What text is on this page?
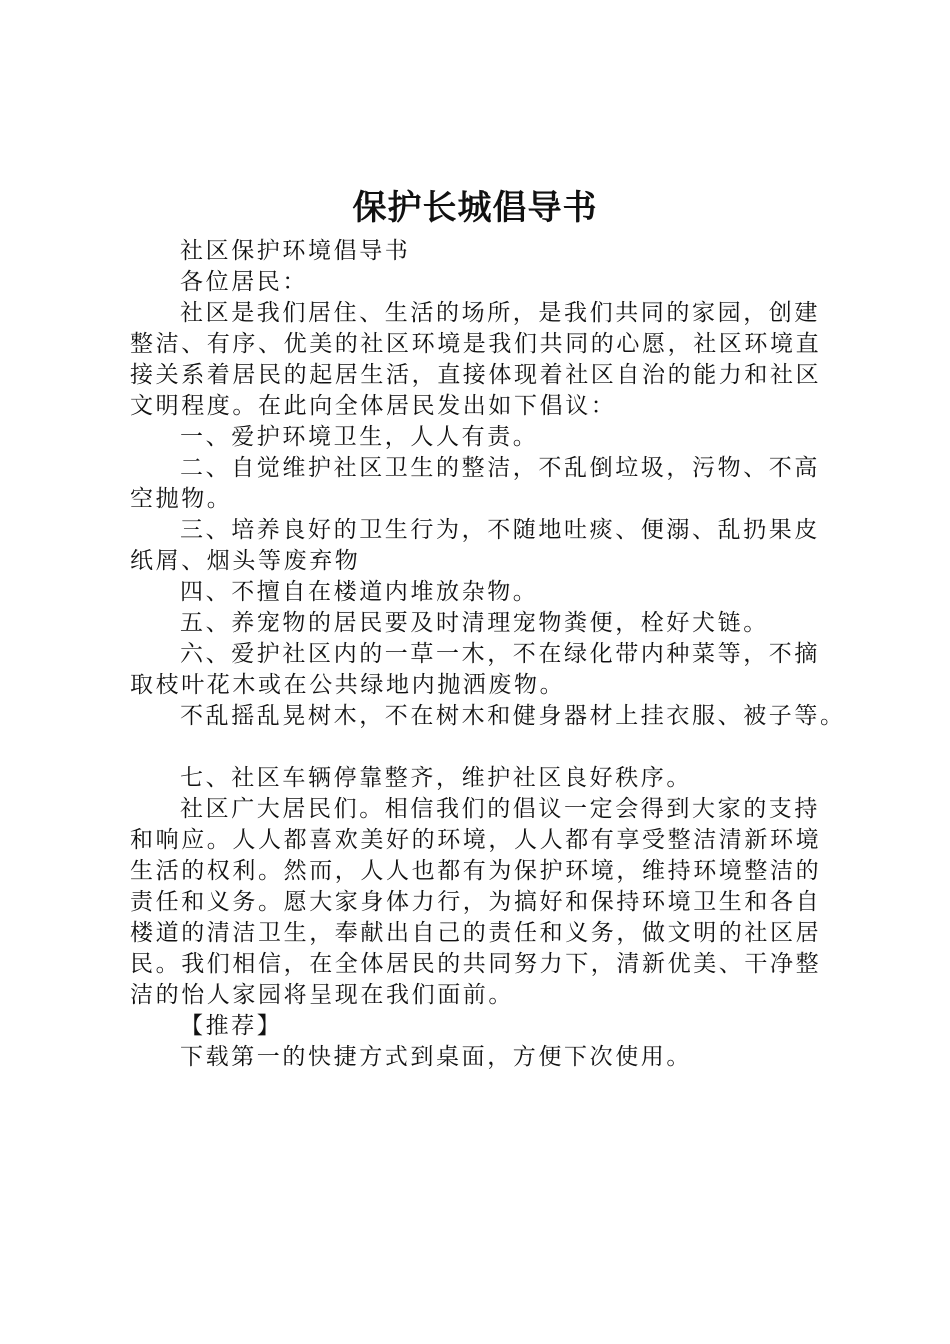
保护长城倡导书

社区保护环境倡导书

各位居民：

社区是我们居住、生活的场所，是我们共同的家园，创建整洁、有序、优美的社区环境是我们共同的心愿，社区环境直接关系着居民的起居生活，直接体现着社区自治的能力和社区文明程度。在此向全体居民发出如下倡议：

一、爱护环境卫生，人人有责。

二、自觉维护社区卫生的整洁，不乱倒垃圾，污物、不高空抛物。

三、培养良好的卫生行为，不随地吐痰、便溺、乱扔果皮纸屑、烟头等废弃物

四、不擅自在楼道内堆放杂物。

五、养宠物的居民要及时清理宠物粪便，栓好犬链。

六、爱护社区内的一草一木，不在绿化带内种菜等，不摘取枝叶花木或在公共绿地内抛洒废物。

不乱摇乱晃树木，不在树木和健身器材上挂衣服、被子等。

七、社区车辆停靠整齐，维护社区良好秩序。

社区广大居民们。相信我们的倡议一定会得到大家的支持和响应。人人都喜欢美好的环境，人人都有享受整洁清新环境生活的权利。然而，人人也都有为保护环境，维持环境整洁的责任和义务。愿大家身体力行，为搞好和保持环境卫生和各自楼道的清洁卫生，奉献出自己的责任和义务，做文明的社区居民。我们相信，在全体居民的共同努力下，清新优美、干净整洁的怡人家园将呈现在我们面前。

【推荐】

下载第一的快捷方式到桌面，方便下次使用。
